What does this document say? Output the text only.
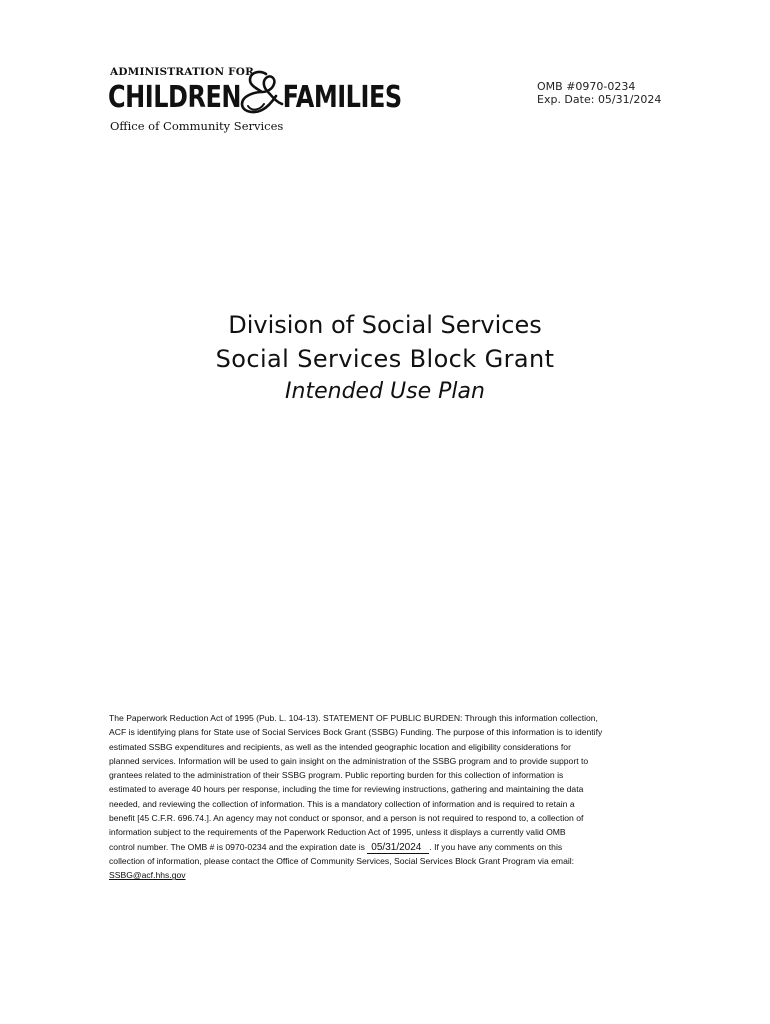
ADMINISTRATION FOR
CHILDREN FAMILIES
Office of Community Services
OMB #0970-0234
Exp. Date: 05/31/2024
Division of Social Services
Social Services Block Grant
Intended Use Plan
The Paperwork Reduction Act of 1995 (Pub. L. 104-13). STATEMENT OF PUBLIC BURDEN: Through this information collection,
ACF is identifying plans for State use of Social Services Bock Grant (SSBG) Funding. The purpose of this information is to identify
estimated SSBG expenditures and recipients, as well as the intended geographic location and eligibility considerations for
planned services. Information will be used to gain insight on the administration of the SSBG program and to provide support to
grantees related to the administration of their SSBG program. Public reporting burden for this collection of information is
estimated to average 40 hours per response, including the time for reviewing instructions, gathering and maintaining the data
needed, and reviewing the collection of information. This is a mandatory collection of information and is required to retain a
benefit [45 C.F.R. 696.74.]. An agency may not conduct or sponsor, and a person is not required to respond to, a collection of
information subject to the requirements of the Paperwork Reduction Act of 1995, unless it displays a currently valid OMB
control number. The OMB # is 0970-0234 and the expiration date is 05/31/2024 . If you have any comments on this
collection of information, please contact the Office of Community Services, Social Services Block Grant Program via email:
SSBG@acf.hhs.gov
